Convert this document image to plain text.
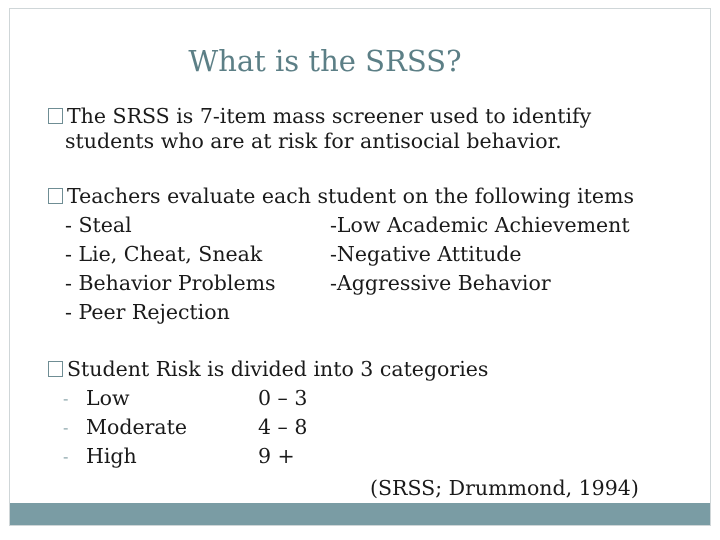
What is the SRSS?
The SRSS is 7-item mass screener used to identify
students who are at risk for antisocial behavior.
Teachers evaluate each student on the following items
- Steal	-Low Academic Achievement
- Lie, Cheat, Sneak	-Negative Attitude
- Behavior Problems	-Aggressive Behavior
- Peer Rejection
Student Risk is divided into 3 categories
- Low	0 – 3
- Moderate	4 – 8
- High	9 +
(SRSS; Drummond, 1994)
